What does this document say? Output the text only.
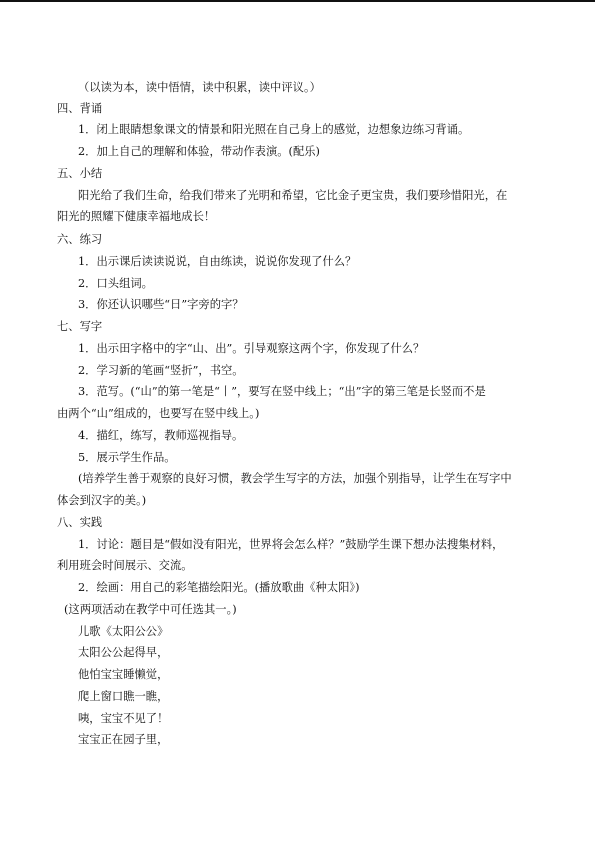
（以读为本，读中悟情，读中积累，读中评议。）
四、背诵
1．闭上眼睛想象课文的情景和阳光照在自己身上的感觉，边想象边练习背诵。
2．加上自己的理解和体验，带动作表演。(配乐)
五、小结
阳光给了我们生命，给我们带来了光明和希望，它比金子更宝贵，我们要珍惜阳光，在
阳光的照耀下健康幸福地成长！
六、练习
1．出示课后读读说说，自由练读，说说你发现了什么？
2．口头组词。
3．你还认识哪些“日”字旁的字？
七、写字
1．出示田字格中的字“山、出”。引导观察这两个字，你发现了什么？
2．学习新的笔画“竖折”，书空。
3．范写。(“山”的第一笔是“丨”，要写在竖中线上；“出”字的第三笔是长竖而不是
由两个“山”组成的，也要写在竖中线上。)
4．描红，练写，教师巡视指导。
5．展示学生作品。
(培养学生善于观察的良好习惯，教会学生写字的方法，加强个别指导，让学生在写字中
体会到汉字的美。)
八、实践
1．讨论：题目是“假如没有阳光，世界将会怎么样？”鼓励学生课下想办法搜集材料，
利用班会时间展示、交流。
2．绘画：用自己的彩笔描绘阳光。(播放歌曲《种太阳》)
(这两项活动在教学中可任选其一。)
儿歌《太阳公公》
太阳公公起得早，
他怕宝宝睡懒觉，
爬上窗口瞧一瞧，
咦，宝宝不见了！
宝宝正在园子里，
